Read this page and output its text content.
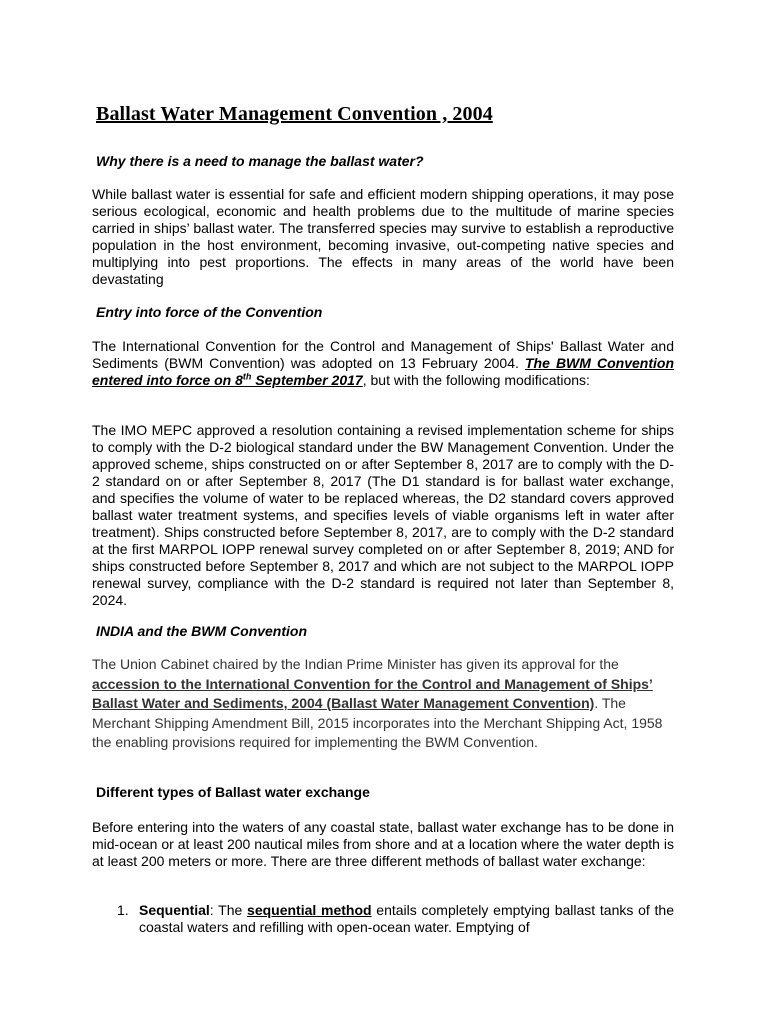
Ballast Water Management Convention , 2004
Why there is a need to manage the ballast water?
While ballast water is essential for safe and efficient modern shipping operations, it may pose serious ecological, economic and health problems due to the multitude of marine species carried in ships’ ballast water. The transferred species may survive to establish a reproductive population in the host environment, becoming invasive, out-competing native species and multiplying into pest proportions. The effects in many areas of the world have been devastating
Entry into force of the Convention
The International Convention for the Control and Management of Ships' Ballast Water and Sediments (BWM Convention) was adopted on 13 February 2004. The BWM Convention entered into force on 8th September 2017, but with the following modifications:
The IMO MEPC approved a resolution containing a revised implementation scheme for ships to comply with the D-2 biological standard under the BW Management Convention. Under the approved scheme, ships constructed on or after September 8, 2017 are to comply with the D-2 standard on or after September 8, 2017 (The D1 standard is for ballast water exchange, and specifies the volume of water to be replaced whereas, the D2 standard covers approved ballast water treatment systems, and specifies levels of viable organisms left in water after treatment). Ships constructed before September 8, 2017, are to comply with the D-2 standard at the first MARPOL IOPP renewal survey completed on or after September 8, 2019; AND for ships constructed before September 8, 2017 and which are not subject to the MARPOL IOPP renewal survey, compliance with the D-2 standard is required not later than September 8, 2024.
INDIA and the BWM Convention
The Union Cabinet chaired by the Indian Prime Minister has given its approval for the accession to the International Convention for the Control and Management of Ships’ Ballast Water and Sediments, 2004 (Ballast Water Management Convention). The Merchant Shipping Amendment Bill, 2015 incorporates into the Merchant Shipping Act, 1958 the enabling provisions required for implementing the BWM Convention.
Different types of Ballast water exchange
Before entering into the waters of any coastal state, ballast water exchange has to be done in mid-ocean or at least 200 nautical miles from shore and at a location where the water depth is at least 200 meters or more. There are three different methods of ballast water exchange:
1. Sequential: The sequential method entails completely emptying ballast tanks of the coastal waters and refilling with open-ocean water. Emptying of
